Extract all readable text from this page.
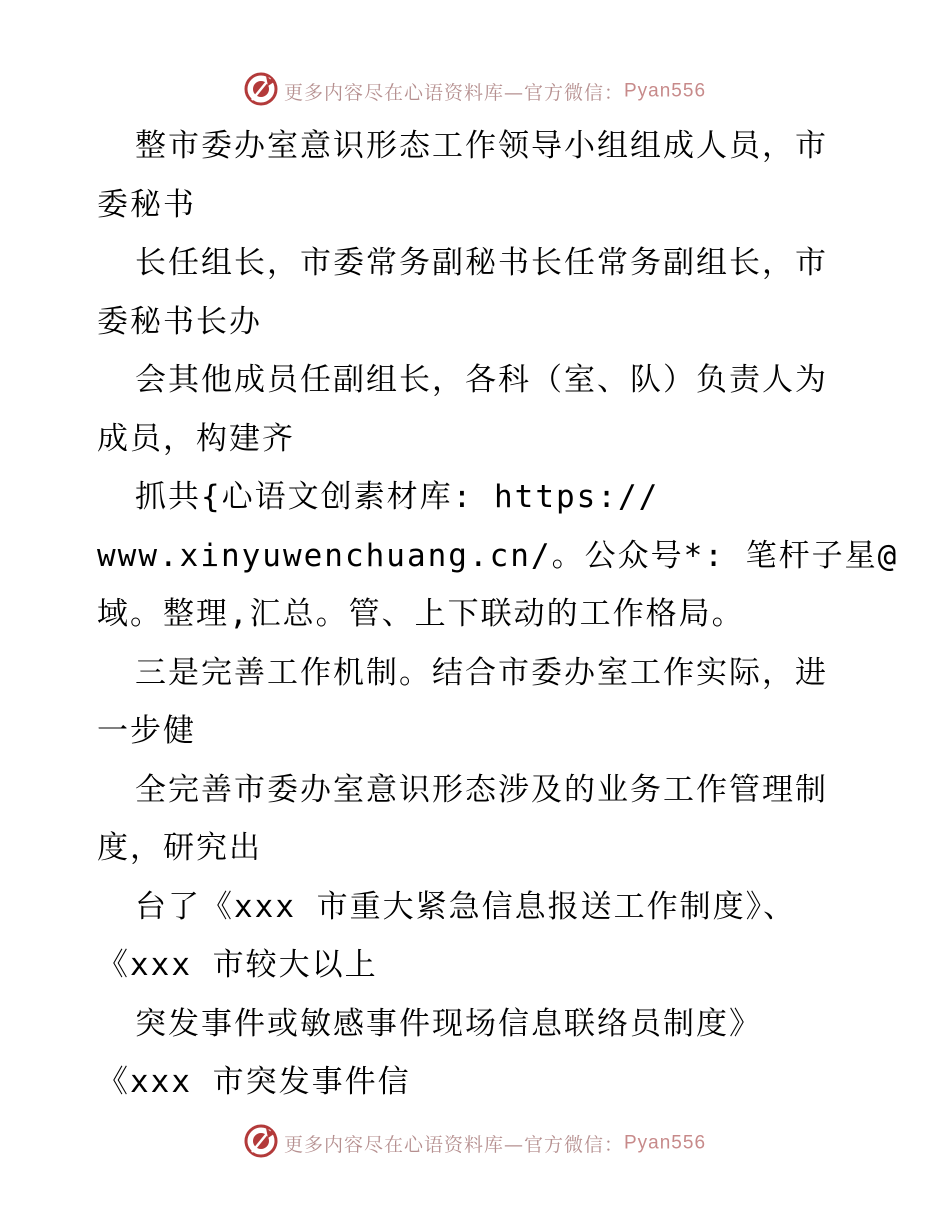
更多内容尽在心语资料库—官方微信：Pyan556
整市委办室意识形态工作领导小组组成人员，市
委秘书
长任组长，市委常务副秘书长任常务副组长，市
委秘书长办
会其他成员任副组长，各科（室、队）负责人为
成员，构建齐
抓共{心语文创素材库: https://
www.xinyuwenchuang.cn/。公众号*: 笔杆子星@
域。整理,汇总。管、上下联动的工作格局。
三是完善工作机制。结合市委办室工作实际，进
一步健
全完善市委办室意识形态涉及的业务工作管理制
度，研究出
台了《xxx 市重大紧急信息报送工作制度》、
《xxx 市较大以上
突发事件或敏感事件现场信息联络员制度》
《xxx 市突发事件信
更多内容尽在心语资料库—官方微信：Pyan556
